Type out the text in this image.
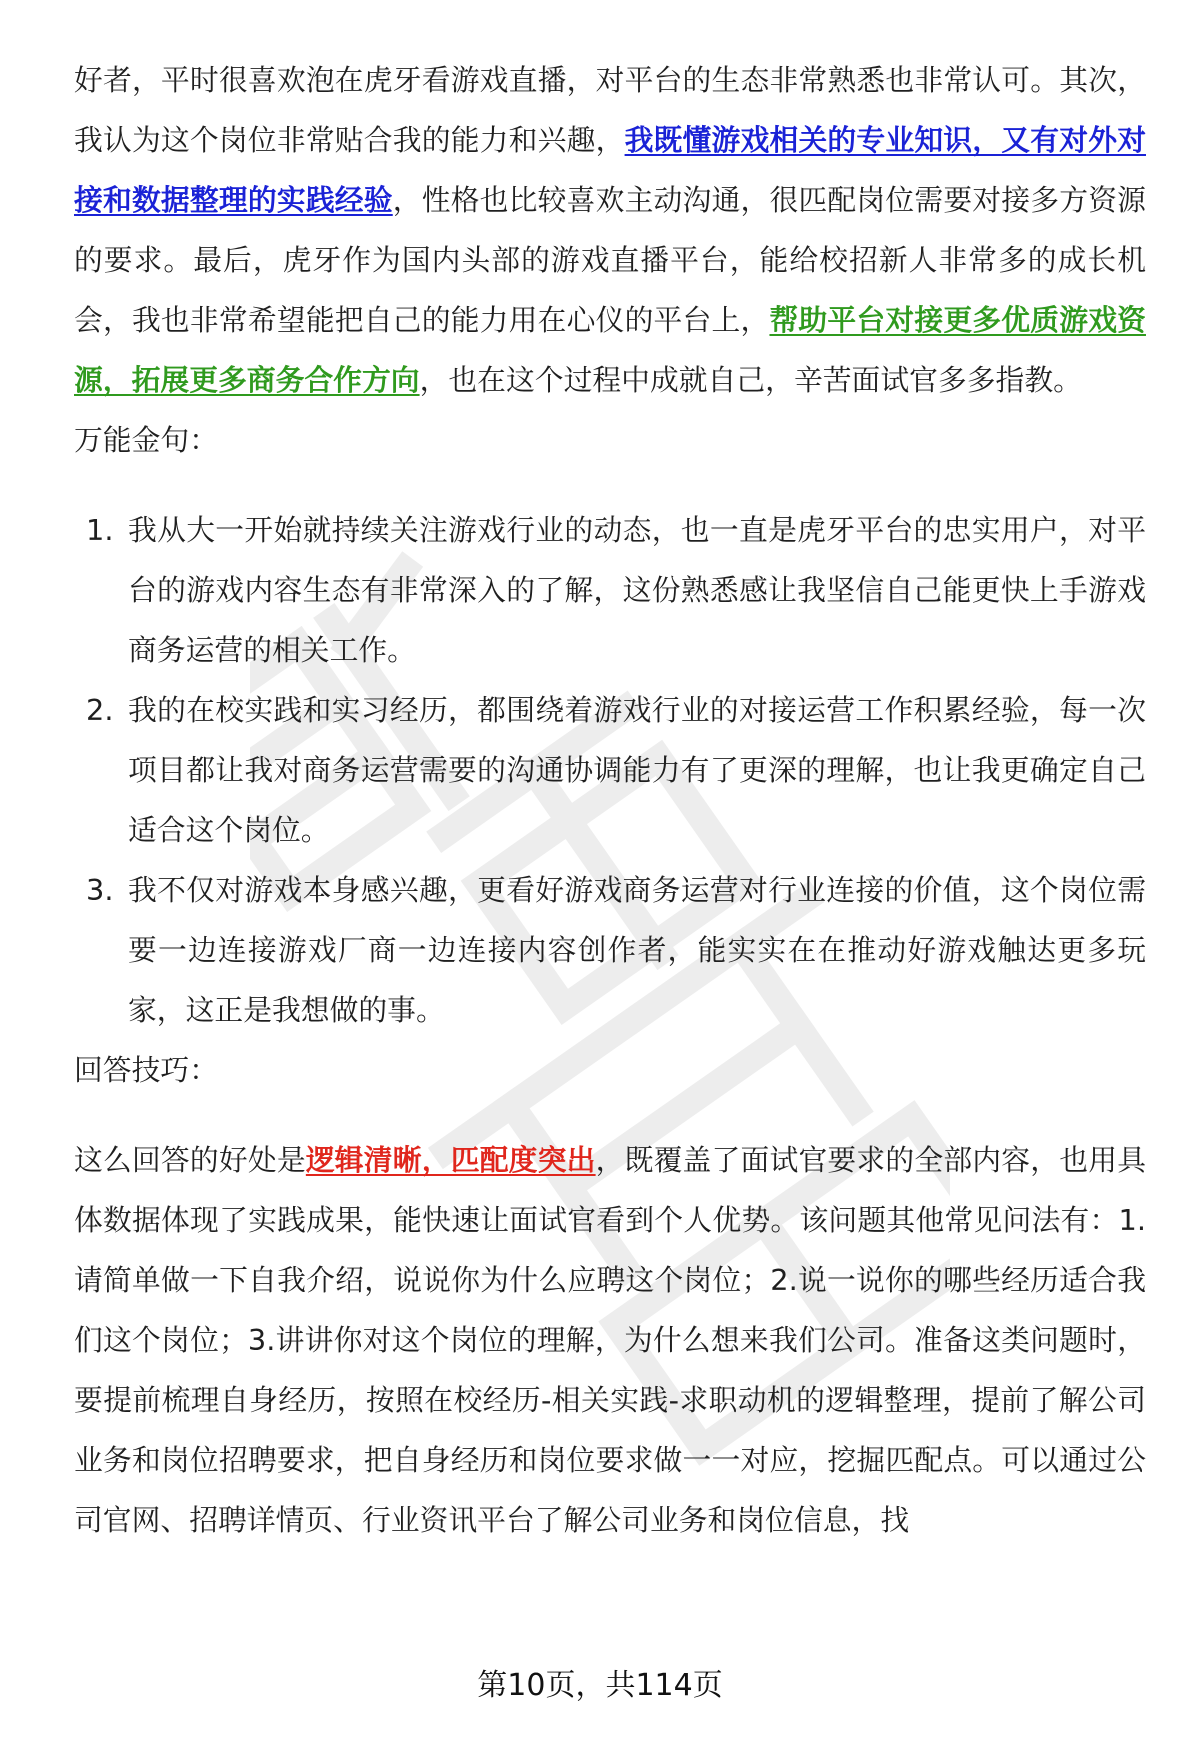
好者，平时很喜欢泡在虎牙看游戏直播，对平台的生态非常熟悉也非常认可。其次，我认为这个岗位非常贴合我的能力和兴趣，我既懂游戏相关的专业知识，又有对外对接和数据整理的实践经验，性格也比较喜欢主动沟通，很匹配岗位需要对接多方资源的要求。最后，虎牙作为国内头部的游戏直播平台，能给校招新人非常多的成长机会，我也非常希望能把自己的能力用在心仪的平台上，帮助平台对接更多优质游戏资源，拓展更多商务合作方向，也在这个过程中成就自己，辛苦面试官多多指教。

万能金句：

1. 我从大一开始就持续关注游戏行业的动态，也一直是虎牙平台的忠实用户，对平台的游戏内容生态有非常深入的了解，这份熟悉感让我坚信自己能更快上手游戏商务运营的相关工作。
2. 我的在校实践和实习经历，都围绕着游戏行业的对接运营工作积累经验，每一次项目都让我对商务运营需要的沟通协调能力有了更深的理解，也让我更确定自己适合这个岗位。
3. 我不仅对游戏本身感兴趣，更看好游戏商务运营对行业连接的价值，这个岗位需要一边连接游戏厂商一边连接内容创作者，能实实在在推动好游戏触达更多玩家，这正是我想做的事。

回答技巧：

这么回答的好处是逻辑清晰，匹配度突出，既覆盖了面试官要求的全部内容，也用具体数据体现了实践成果，能快速让面试官看到个人优势。该问题其他常见问法有：1.请简单做一下自我介绍，说说你为什么应聘这个岗位；2.说一说你的哪些经历适合我们这个岗位；3.讲讲你对这个岗位的理解，为什么想来我们公司。准备这类问题时，要提前梳理自身经历，按照在校经历-相关实践-求职动机的逻辑整理，提前了解公司业务和岗位招聘要求，把自身经历和岗位要求做一一对应，挖掘匹配点。可以通过公司官网、招聘详情页、行业资讯平台了解公司业务和岗位信息，找

第10页，共114页
